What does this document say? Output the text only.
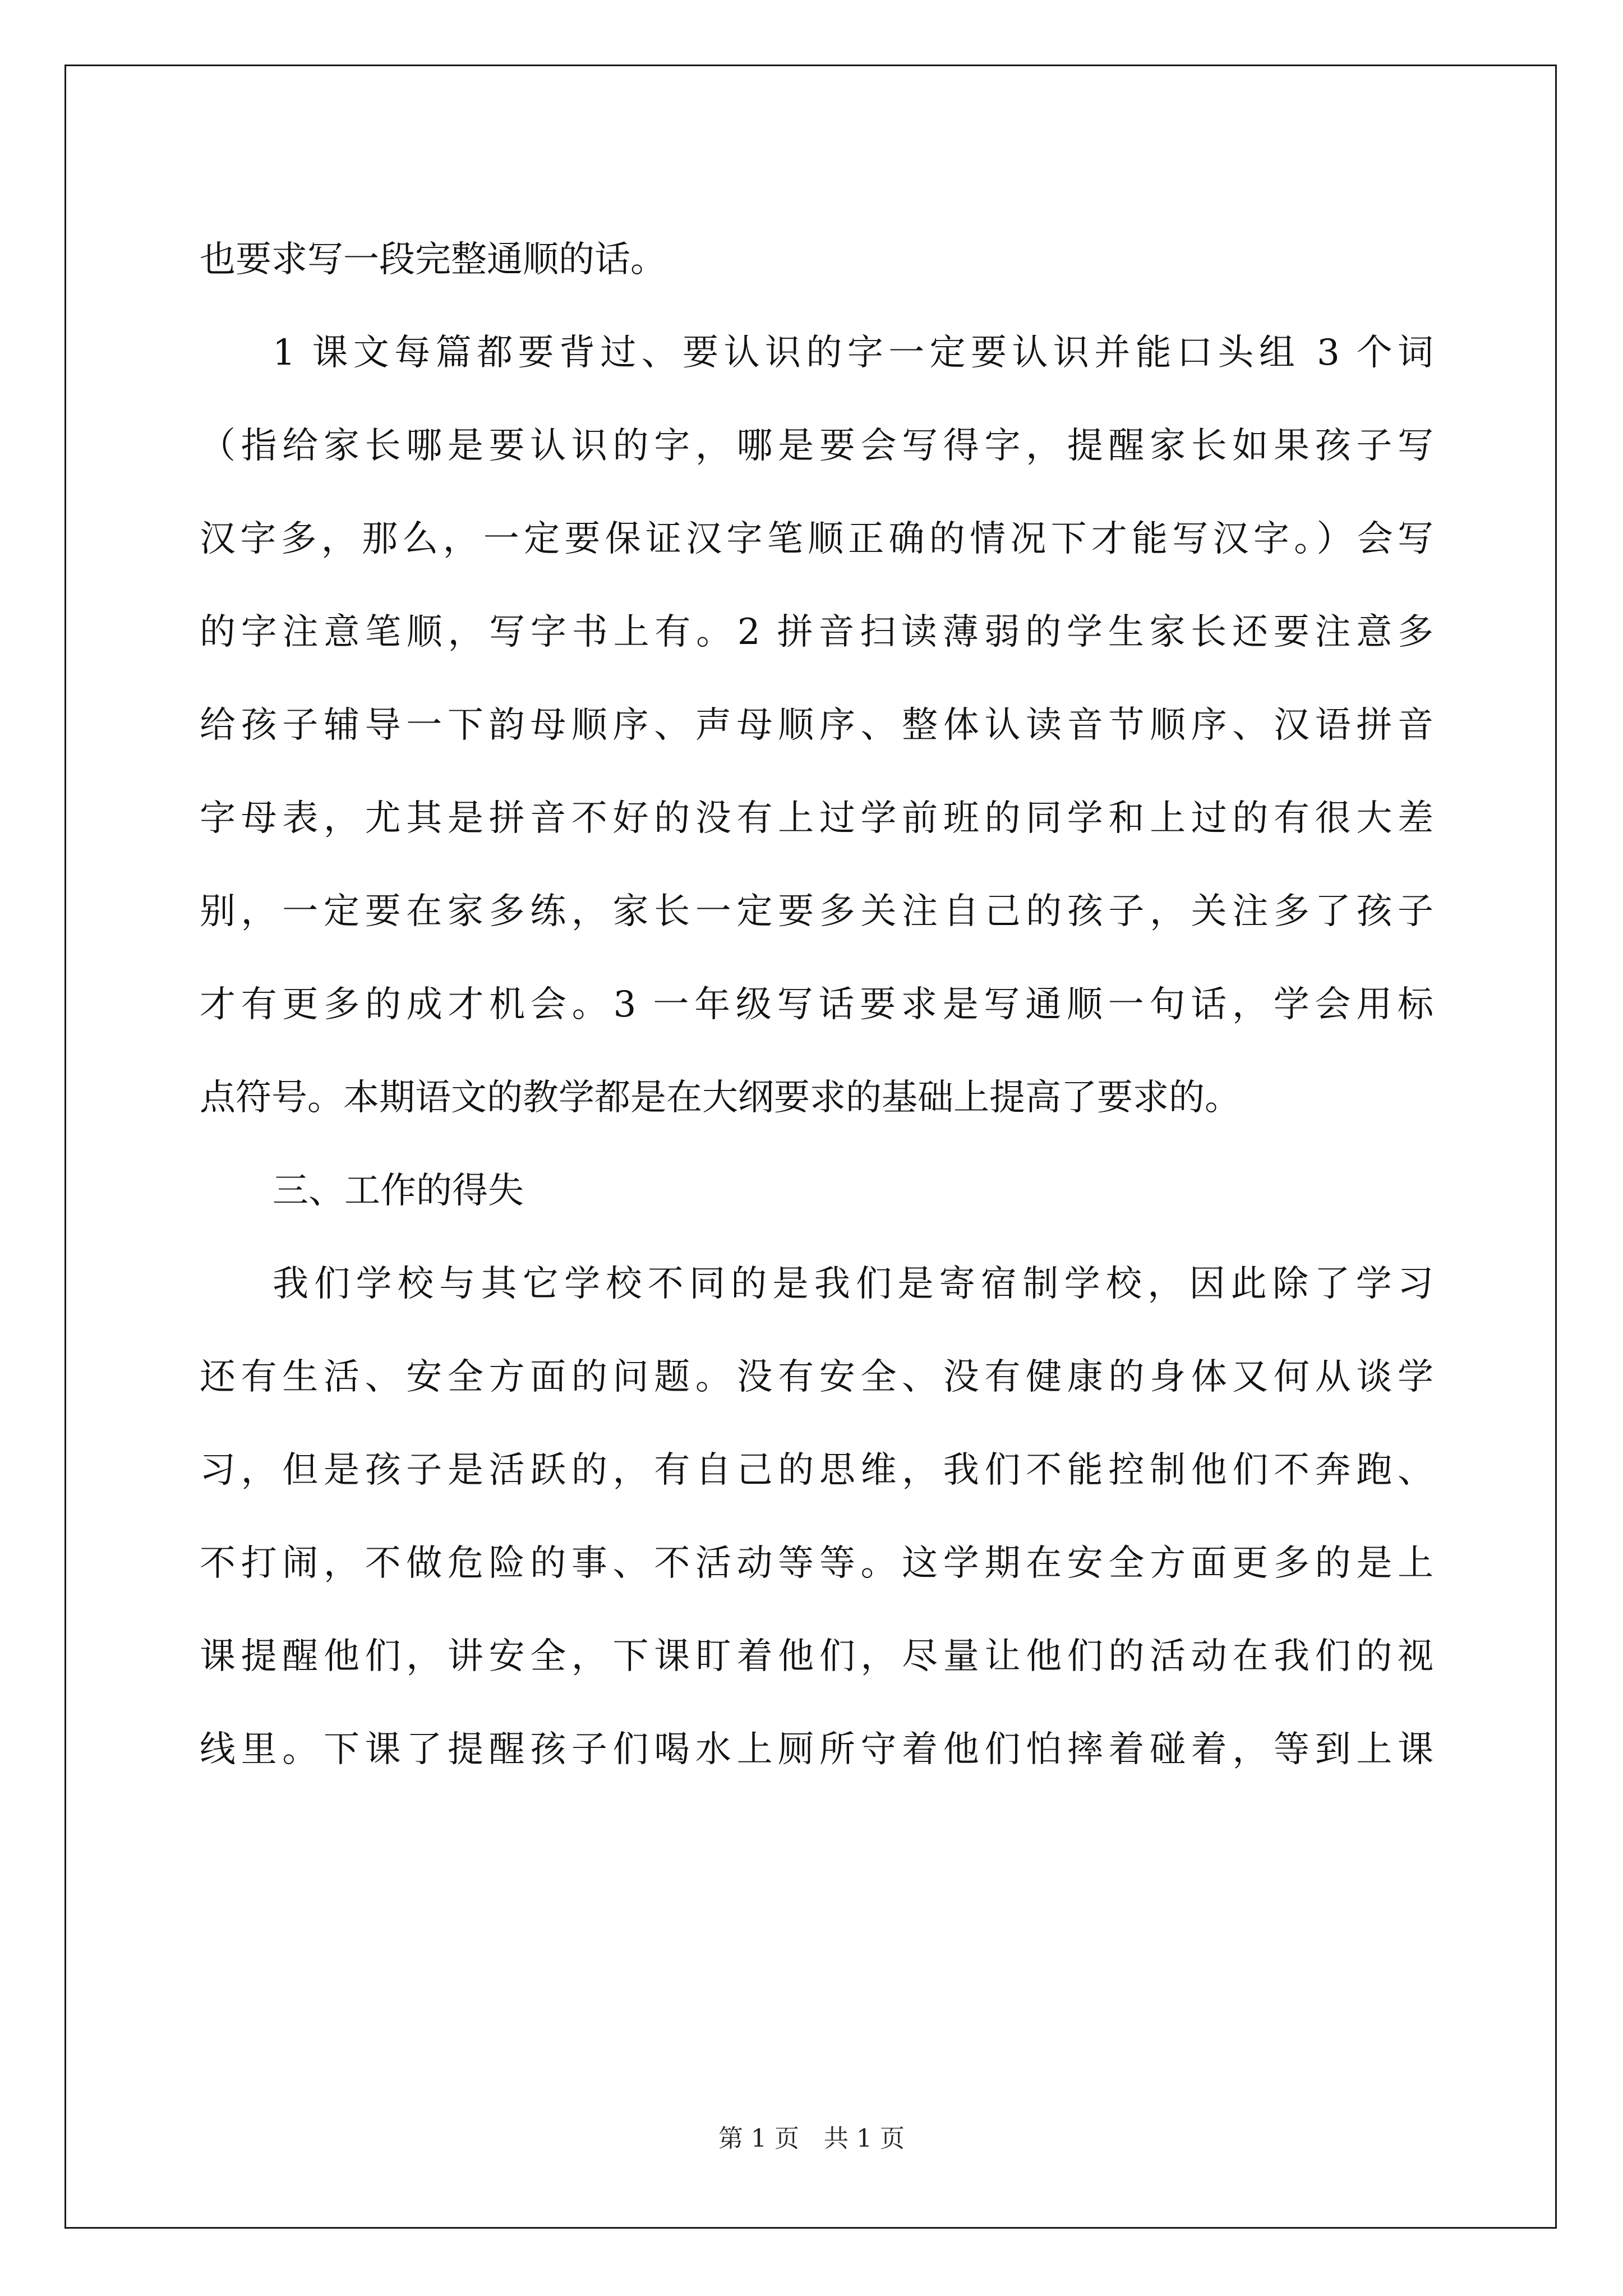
也要求写一段完整通顺的话。
1 课文每篇都要背过、要认识的字一定要认识并能口头组 3 个词
（指给家长哪是要认识的字，哪是要会写得字，提醒家长如果孩子写
汉字多，那么，一定要保证汉字笔顺正确的情况下才能写汉字。）会写
的字注意笔顺，写字书上有。2 拼音扫读薄弱的学生家长还要注意多
给孩子辅导一下韵母顺序、声母顺序、整体认读音节顺序、汉语拼音
字母表，尤其是拼音不好的没有上过学前班的同学和上过的有很大差
别，一定要在家多练，家长一定要多关注自己的孩子，关注多了孩子
才有更多的成才机会。3 一年级写话要求是写通顺一句话，学会用标
点符号。本期语文的教学都是在大纲要求的基础上提高了要求的。
三、工作的得失
我们学校与其它学校不同的是我们是寄宿制学校，因此除了学习
还有生活、安全方面的问题。没有安全、没有健康的身体又何从谈学
习，但是孩子是活跃的，有自己的思维，我们不能控制他们不奔跑、
不打闹，不做危险的事、不活动等等。这学期在安全方面更多的是上
课提醒他们，讲安全，下课盯着他们，尽量让他们的活动在我们的视
线里。下课了提醒孩子们喝水上厕所守着他们怕摔着碰着，等到上课
第 1 页　共 1 页
